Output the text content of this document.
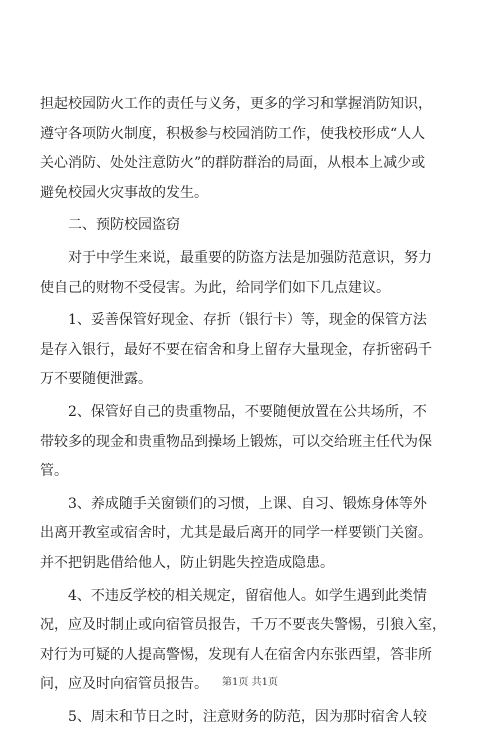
担起校园防火工作的责任与义务，更多的学习和掌握消防知识，
遵守各项防火制度，积极参与校园消防工作，使我校形成“人人
关心消防、处处注意防火”的群防群治的局面，从根本上减少或
避免校园火灾事故的发生。
　　二、预防校园盗窃
　　对于中学生来说，最重要的防盗方法是加强防范意识，努力
使自己的财物不受侵害。为此，给同学们如下几点建议。
　　1、妥善保管好现金、存折（银行卡）等，现金的保管方法
是存入银行，最好不要在宿舍和身上留存大量现金，存折密码千
万不要随便泄露。
　　2、保管好自己的贵重物品，不要随便放置在公共场所，不
带较多的现金和贵重物品到操场上锻炼，可以交给班主任代为保
管。
　　3、养成随手关窗锁们的习惯，上课、自习、锻炼身体等外
出离开教室或宿舍时，尤其是最后离开的同学一样要锁门关窗。
并不把钥匙借给他人，防止钥匙失控造成隐患。
　　4、不违反学校的相关规定，留宿他人。如学生遇到此类情
况，应及时制止或向宿管员报告，千万不要丧失警惕，引狼入室，
对行为可疑的人提高警惕，发现有人在宿舍内东张西望，答非所
问，应及时向宿管员报告。
　　5、周末和节日之时，注意财务的防范，因为那时宿舍人较
第1页 共1页
